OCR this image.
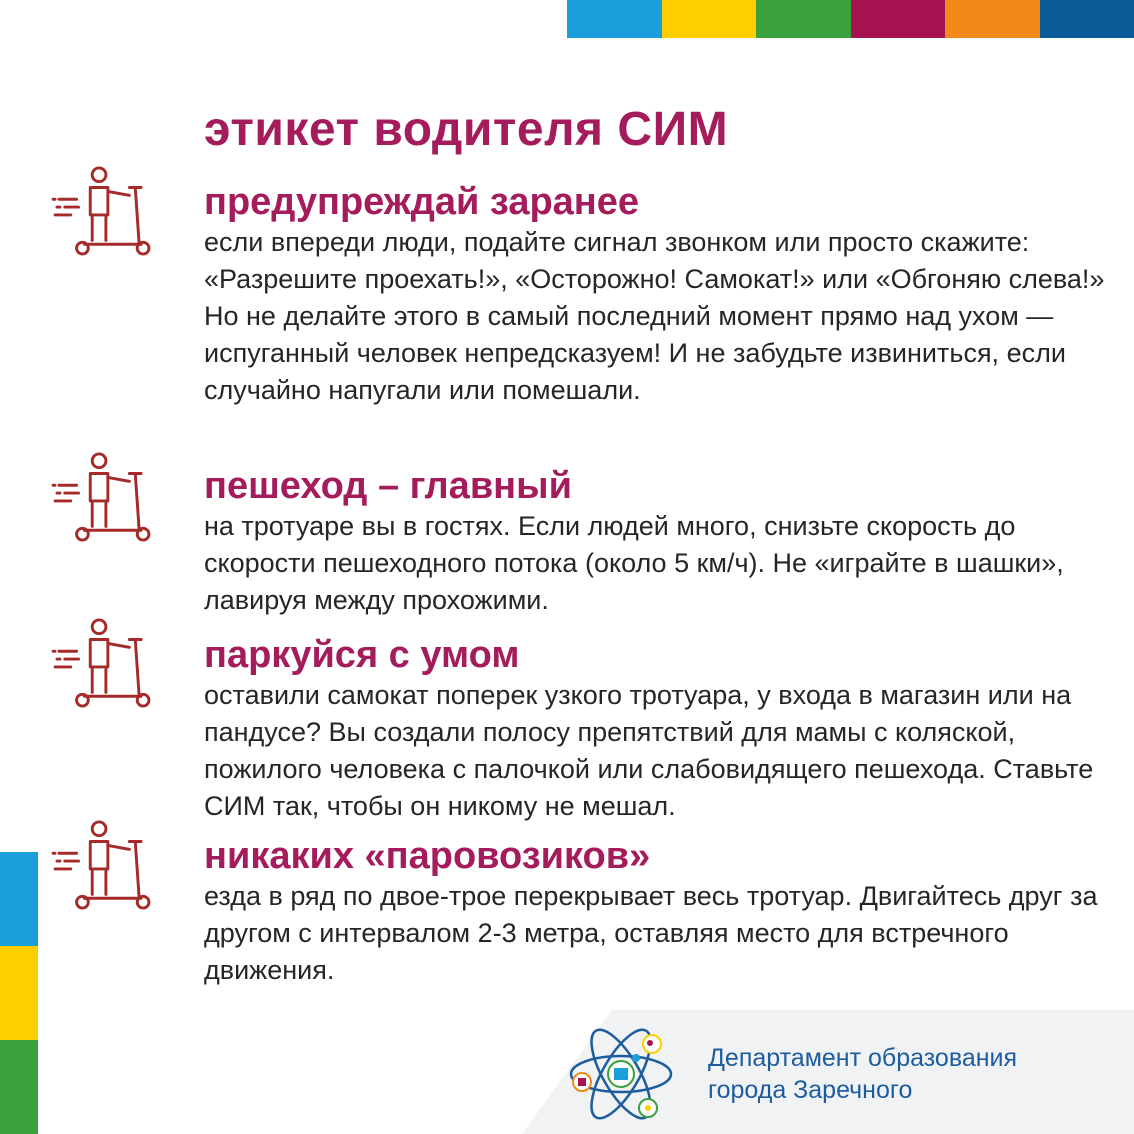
этикет водителя СИМ
предупреждай заранее

если впереди люди, подайте сигнал звонком или просто скажите: «Разрешите проехать!», «Осторожно! Самокат!» или «Обгоняю слева!» Но не делайте этого в самый последний момент прямо над ухом — испуганный человек непредсказуем! И не забудьте извиниться, если случайно напугали или помешали.

пешеход – главный

на тротуаре вы в гостях. Если людей много, снизьте скорость до скорости пешеходного потока (около 5 км/ч). Не «играйте в шашки», лавируя между прохожими.

паркуйся с умом

оставили самокат поперек узкого тротуара, у входа в магазин или на пандусе? Вы создали полосу препятствий для мамы с коляской, пожилого человека с палочкой или слабовидящего пешехода. Ставьте СИМ так, чтобы он никому не мешал.

никаких «паровозиков»

езда в ряд по двое-трое перекрывает весь тротуар. Двигайтесь друг за другом с интервалом 2-3 метра, оставляя место для встречного движения.

Департамент образования
города Заречного
